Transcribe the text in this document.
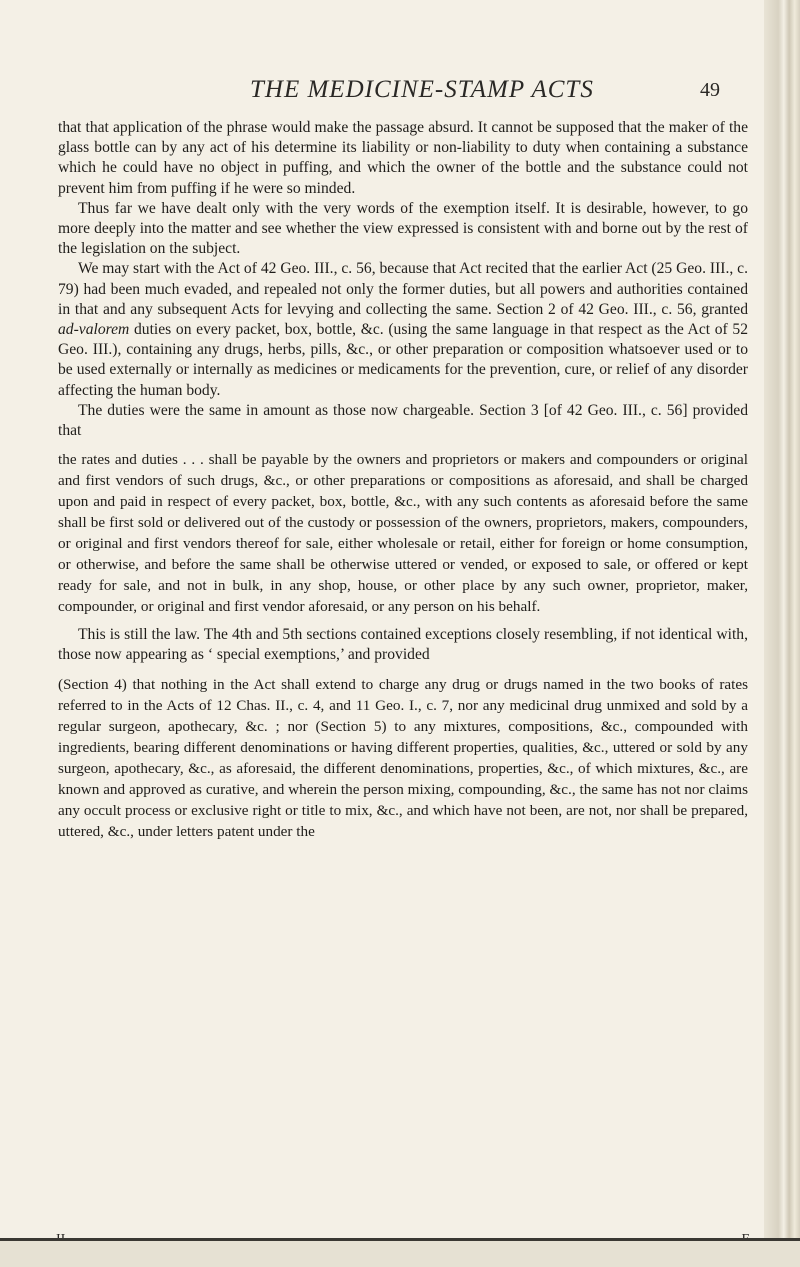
THE MEDICINE-STAMP ACTS	49

that that application of the phrase would make the passage absurd. It cannot be supposed that the maker of the glass bottle can by any act of his determine its liability or non-liability to duty when containing a substance which he could have no object in puffing, and which the owner of the bottle and the substance could not prevent him from puffing if he were so minded.

Thus far we have dealt only with the very words of the exemption itself. It is desirable, however, to go more deeply into the matter and see whether the view expressed is consistent with and borne out by the rest of the legislation on the subject.

We may start with the Act of 42 Geo. III., c. 56, because that Act recited that the earlier Act (25 Geo. III., c. 79) had been much evaded, and repealed not only the former duties, but all powers and authorities contained in that and any subsequent Acts for levying and collecting the same. Section 2 of 42 Geo. III., c. 56, granted ad-valorem duties on every packet, box, bottle, &c. (using the same language in that respect as the Act of 52 Geo. III.), containing any drugs, herbs, pills, &c., or other preparation or composition whatsoever used or to be used externally or internally as medicines or medicaments for the prevention, cure, or relief of any disorder affecting the human body.

The duties were the same in amount as those now chargeable. Section 3 [of 42 Geo. III., c. 56] provided that

the rates and duties . . . shall be payable by the owners and proprietors or makers and compounders or original and first vendors of such drugs, &c., or other preparations or compositions as aforesaid, and shall be charged upon and paid in respect of every packet, box, bottle, &c., with any such contents as aforesaid before the same shall be first sold or delivered out of the custody or possession of the owners, proprietors, makers, compounders, or original and first vendors thereof for sale, either wholesale or retail, either for foreign or home consumption, or otherwise, and before the same shall be otherwise uttered or vended, or exposed to sale, or offered or kept ready for sale, and not in bulk, in any shop, house, or other place by any such owner, proprietor, maker, compounder, or original and first vendor aforesaid, or any person on his behalf.

This is still the law. The 4th and 5th sections contained exceptions closely resembling, if not identical with, those now appearing as ‘ special exemptions,’ and provided

(Section 4) that nothing in the Act shall extend to charge any drug or drugs named in the two books of rates referred to in the Acts of 12 Chas. II., c. 4, and 11 Geo. I., c. 7, nor any medicinal drug unmixed and sold by a regular surgeon, apothecary, &c. ; nor (Section 5) to any mixtures, compositions, &c., compounded with ingredients, bearing different denominations or having different properties, qualities, &c., uttered or sold by any surgeon, apothecary, &c., as aforesaid, the different denominations, properties, &c., of which mixtures, &c., are known and approved as curative, and wherein the person mixing, compounding, &c., the same has not nor claims any occult process or exclusive right or title to mix, &c., and which have not been, are not, nor shall be prepared, uttered, &c., under letters patent under the
